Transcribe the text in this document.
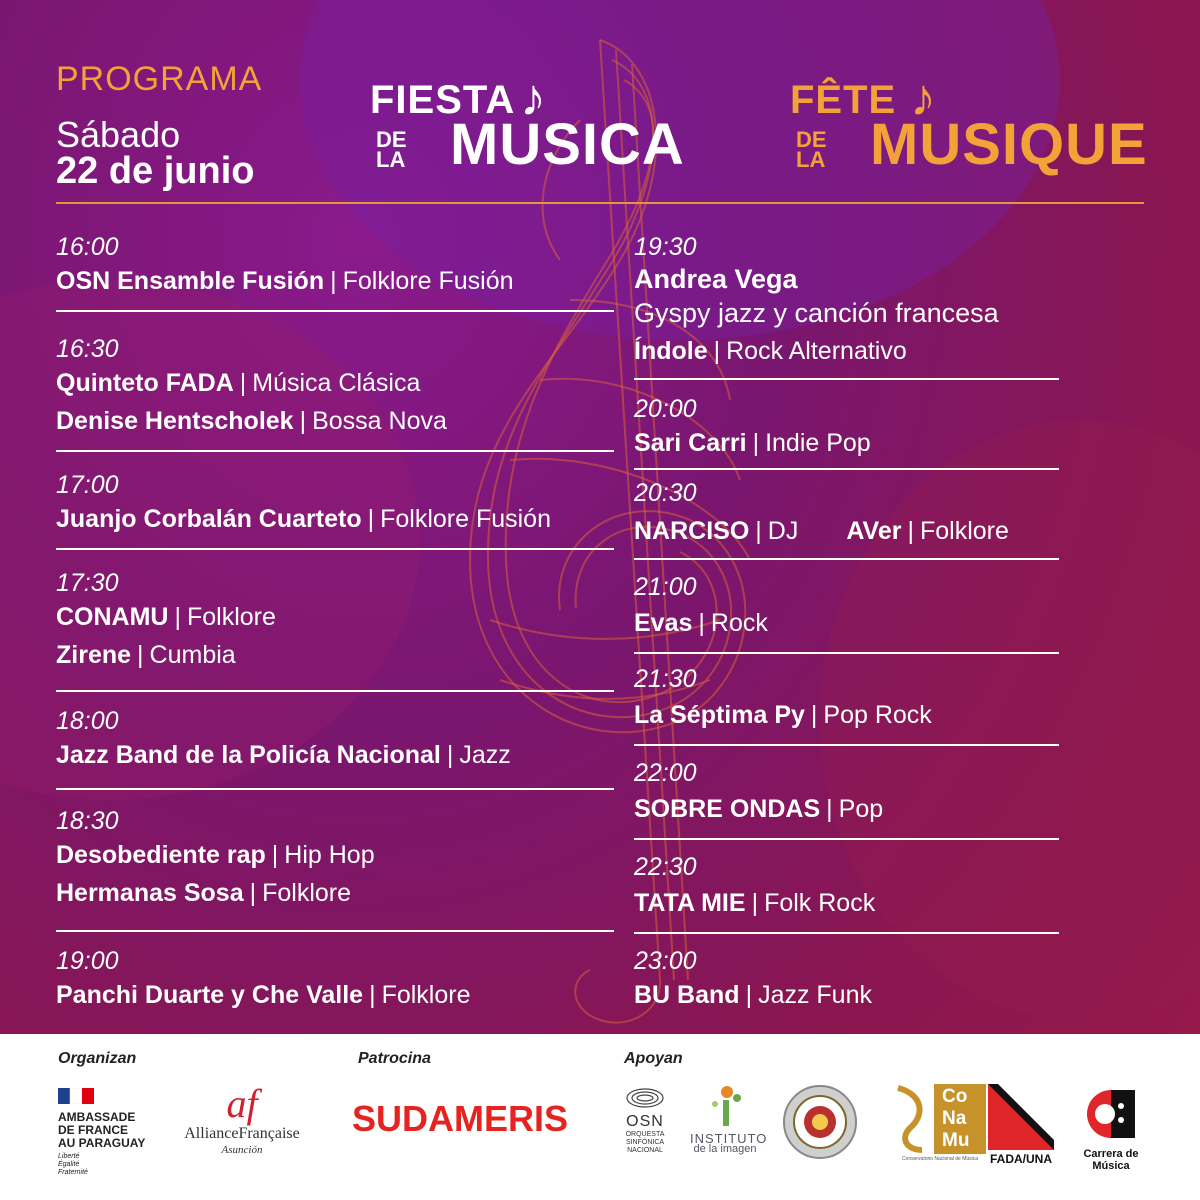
PROGRAMA
Sábado
22 de junio
FIESTA ♪
DE
LA MUSICA
FÊTE ♪
DE
LA MUSIQUE
16:00
OSN Ensamble Fusión | Folklore Fusión
16:30
Quinteto FADA | Música Clásica
Denise Hentscholek | Bossa Nova
17:00
Juanjo Corbalán Cuarteto | Folklore Fusión
17:30
CONAMU | Folklore
Zirene | Cumbia
18:00
Jazz Band de la Policía Nacional | Jazz
18:30
Desobediente rap | Hip Hop
Hermanas Sosa | Folklore
19:00
Panchi Duarte y Che Valle | Folklore
19:30
Andrea Vega
Gyspy jazz y canción francesa
Índole | Rock Alternativo
20:00
Sari Carri | Indie Pop
20:30
NARCISO | DJ AVer | Folklore
21:00
Evas | Rock
21:30
La Séptima Py | Pop Rock
22:00
SOBRE ONDAS | Pop
22:30
TATA MIE | Folk Rock
23:00
BU Band | Jazz Funk
Organizan	Patrocina	Apoyan
AMBASSADE
DE FRANCE
AU PARAGUAY
Liberté
Égalité
Fraternité
af
AllianceFrançaise
Asunción
SUDAMERIS	OSN
ORQUESTA
SINFÓNICA
NACIONAL
INSTITUTO
de la imagen
Co
Na
Mu
Conservatorio Nacional de Música FADA/UNA	Carrera de
Música
